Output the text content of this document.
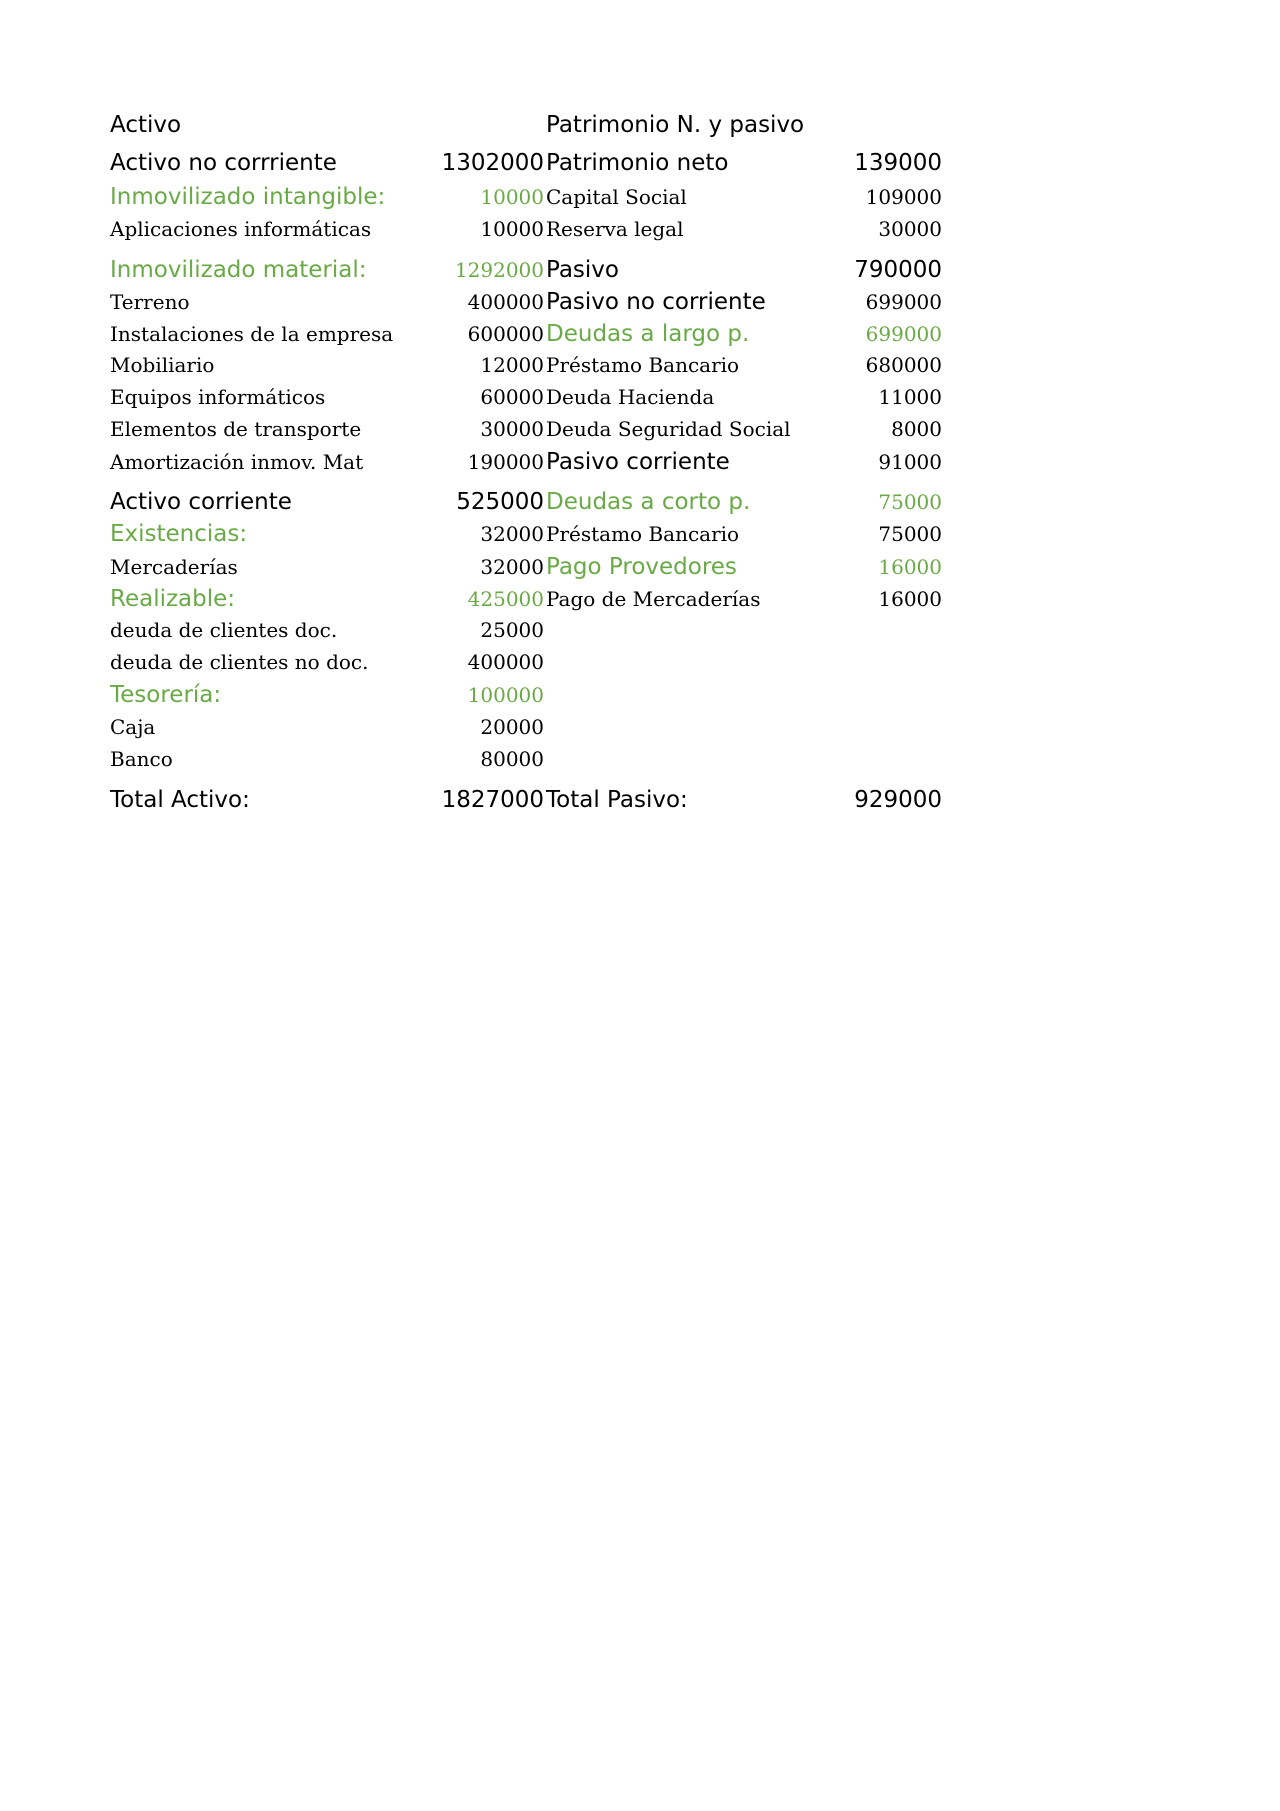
Activo	Patrimonio N. y pasivo
Activo no corrriente	1302000 Patrimonio neto	139000
Inmovilizado intangible:	10000 Capital Social	109000
Aplicaciones informáticas	10000 Reserva legal	30000
Inmovilizado material:	1292000 Pasivo	790000
Terreno	400000 Pasivo no corriente	699000
Instalaciones de la empresa	600000 Deudas a largo p.	699000
Mobiliario	12000 Préstamo Bancario	680000
Equipos informáticos	60000 Deuda Hacienda	11000
Elementos de transporte	30000 Deuda Seguridad Social	8000
Amortización inmov. Mat	190000 Pasivo corriente	91000
Activo corriente	525000 Deudas a corto p.	75000
Existencias:	32000 Préstamo Bancario	75000
Mercaderías	32000 Pago Provedores	16000
Realizable:	425000 Pago de Mercaderías	16000
deuda de clientes doc.	25000
deuda de clientes no doc.	400000
Tesorería:	100000
Caja	20000
Banco	80000
Total Activo:	1827000 Total Pasivo:	929000
